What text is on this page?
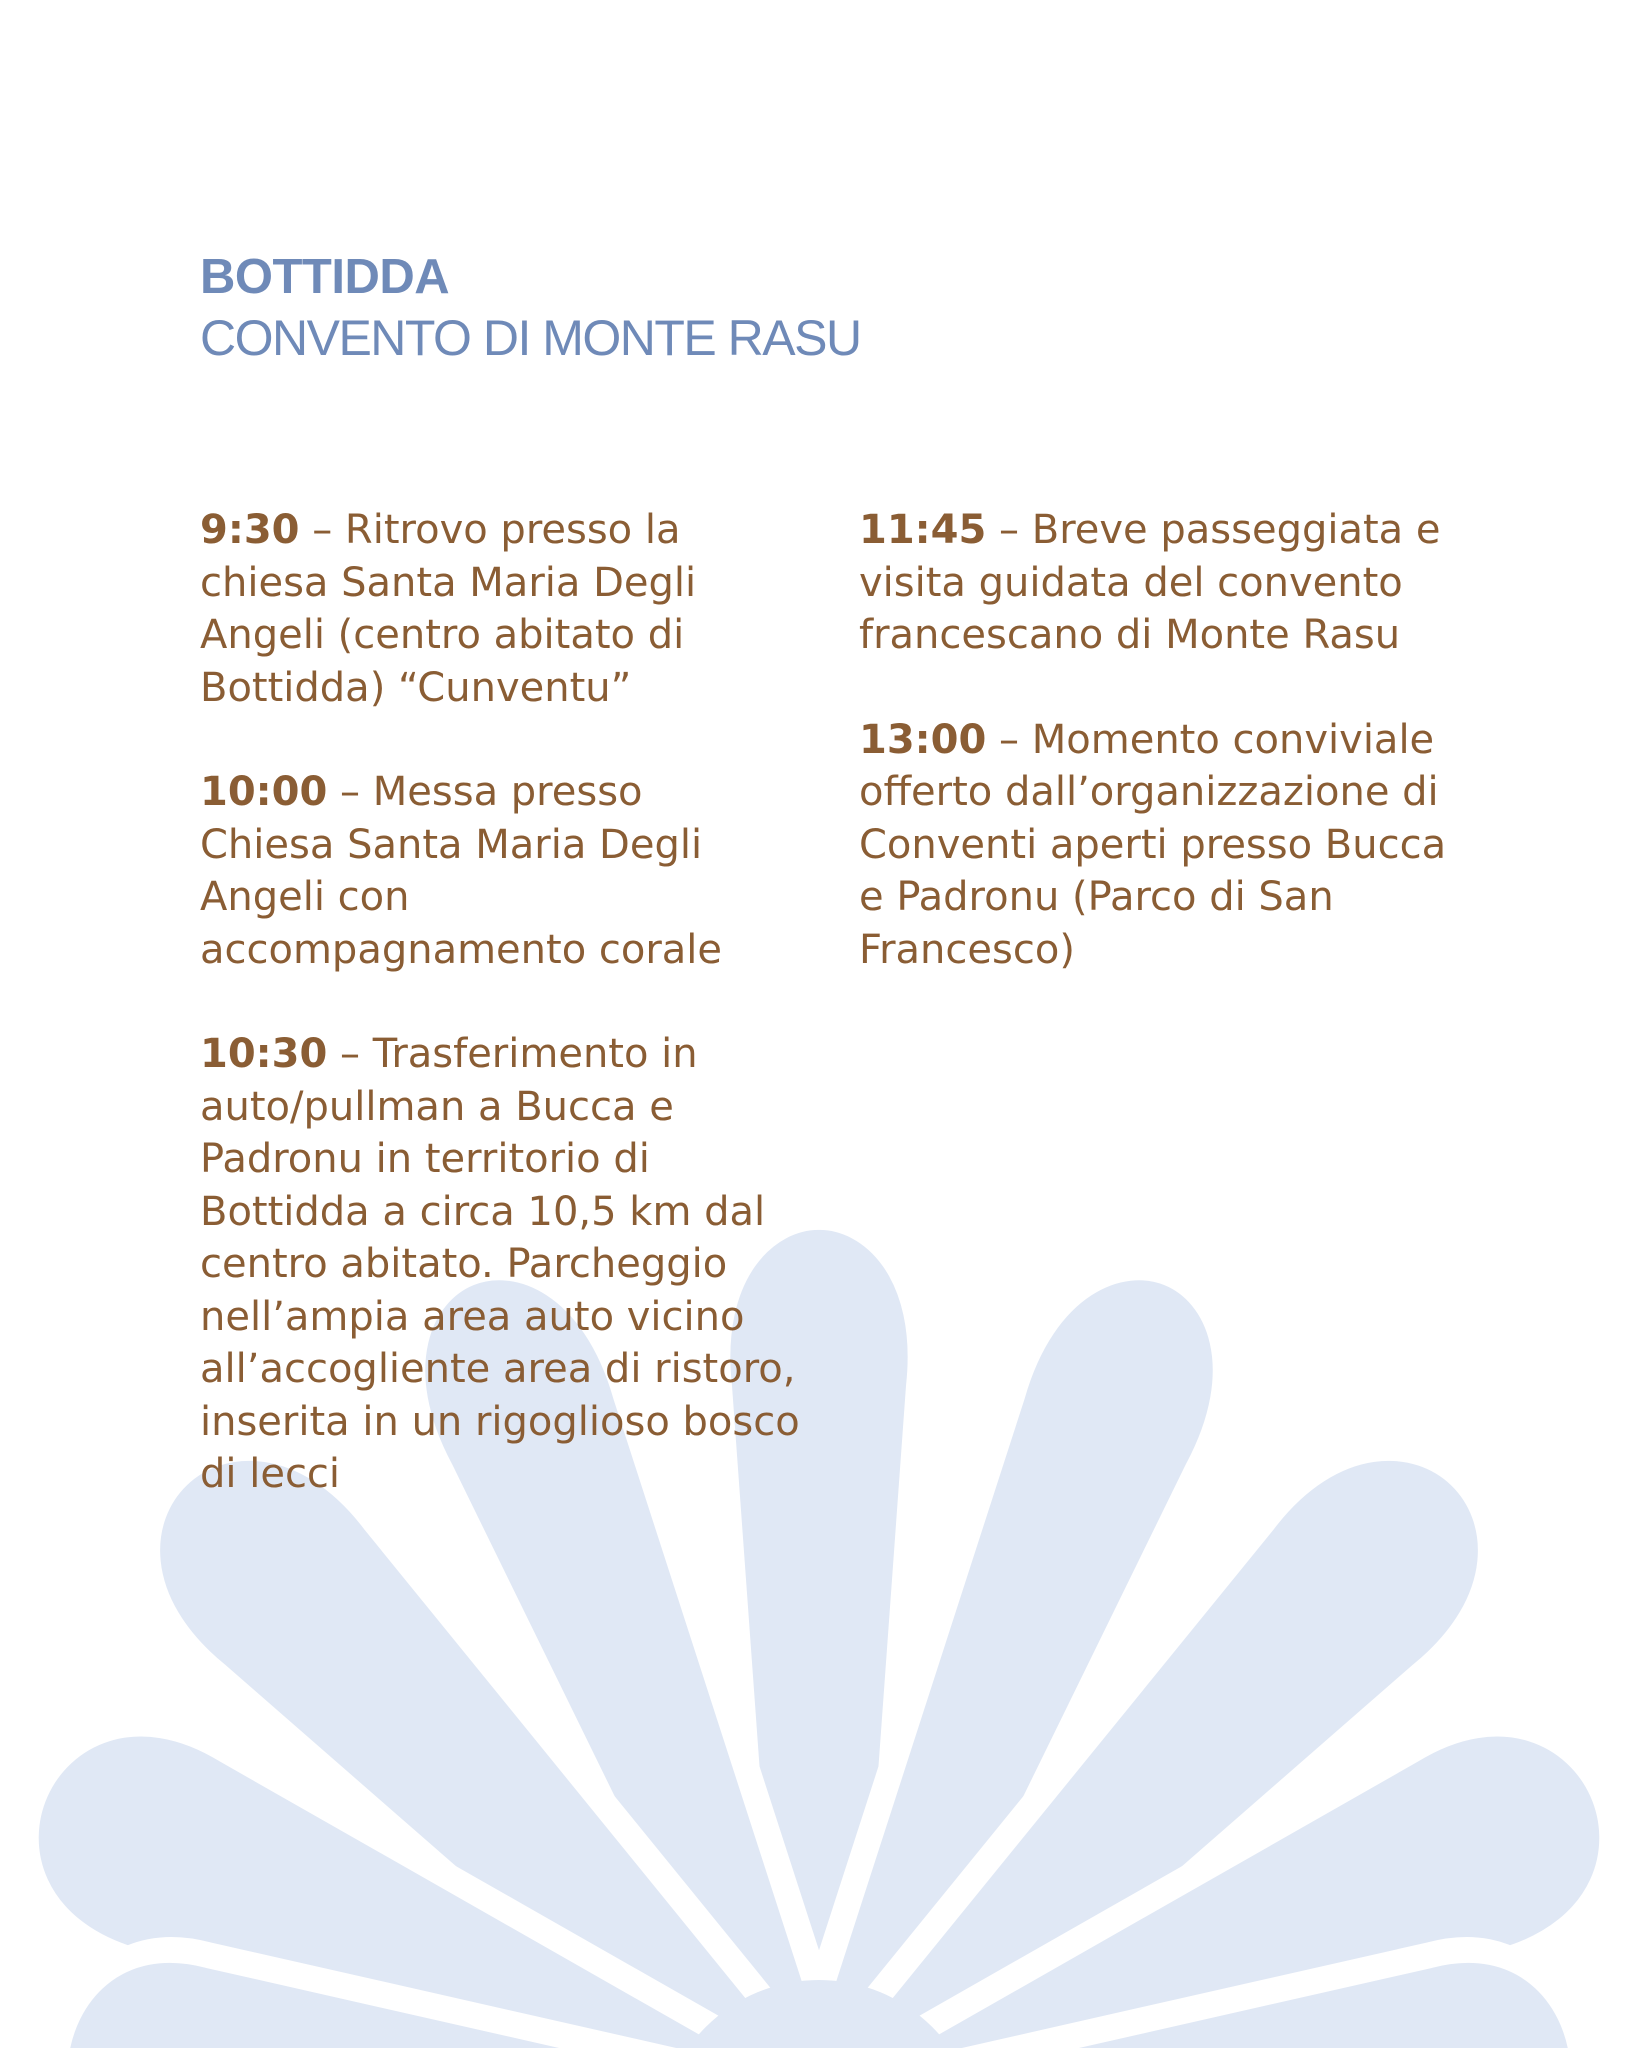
BOTTIDDA
CONVENTO DI MONTE RASU
9:30 – Ritrovo presso la
chiesa Santa Maria Degli
Angeli (centro abitato di
Bottidda) “Cunventu”
10:00 – Messa presso
Chiesa Santa Maria Degli
Angeli con
accompagnamento corale
10:30 – Trasferimento in
auto/pullman a Bucca e
Padronu in territorio di
Bottidda a circa 10,5 km dal
centro abitato. Parcheggio
nell’ampia area auto vicino
all’accogliente area di ristoro,
inserita in un rigoglioso bosco
di lecci
11:45 – Breve passeggiata e
visita guidata del convento
francescano di Monte Rasu
13:00 – Momento conviviale
offerto dall’organizzazione di
Conventi aperti presso Bucca
e Padronu (Parco di San
Francesco)
